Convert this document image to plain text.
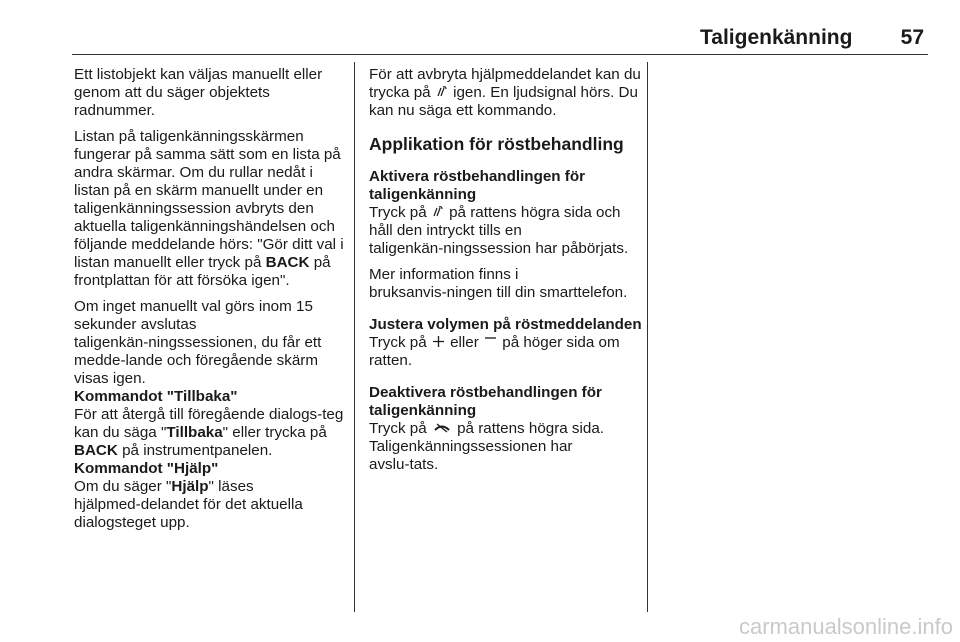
Taligenkänning	57

Ett listobjekt kan väljas manuellt eller genom att du säger objektets radnummer.

Listan på taligenkänningsskärmen fungerar på samma sätt som en lista på andra skärmar. Om du rullar nedåt i listan på en skärm manuellt under en taligenkänningssession avbryts den aktuella taligenkänningshändelsen och följande meddelande hörs: "Gör ditt val i listan manuellt eller tryck på BACK på frontplattan för att försöka igen".

Om inget manuellt val görs inom 15 sekunder avslutas taligenkän‑ningssessionen, du får ett medde‑lande och föregående skärm visas igen.

Kommandot "Tillbaka"

För att återgå till föregående dialogs‑teg kan du säga "Tillbaka" eller trycka på BACK på instrumentpanelen.

Kommandot "Hjälp"

Om du säger "Hjälp" läses hjälpmed‑delandet för det aktuella dialogsteget upp.

För att avbryta hjälpmeddelandet kan du trycka på  igen. En ljudsignal hörs. Du kan nu säga ett kommando.

Applikation för röstbehandling
Aktivera röstbehandlingen för taligenkänning

Tryck på  på rattens högra sida och håll den intryckt tills en taligenkän‑ningssession har påbörjats.

Mer information finns i bruksanvis‑ningen till din smarttelefon.

Justera volymen på röstmeddelanden

Tryck på  eller  på höger sida om ratten.

Deaktivera röstbehandlingen för taligenkänning

Tryck på  på rattens högra sida. Taligenkänningssessionen har avslu‑tats.

carmanualsonline.info
